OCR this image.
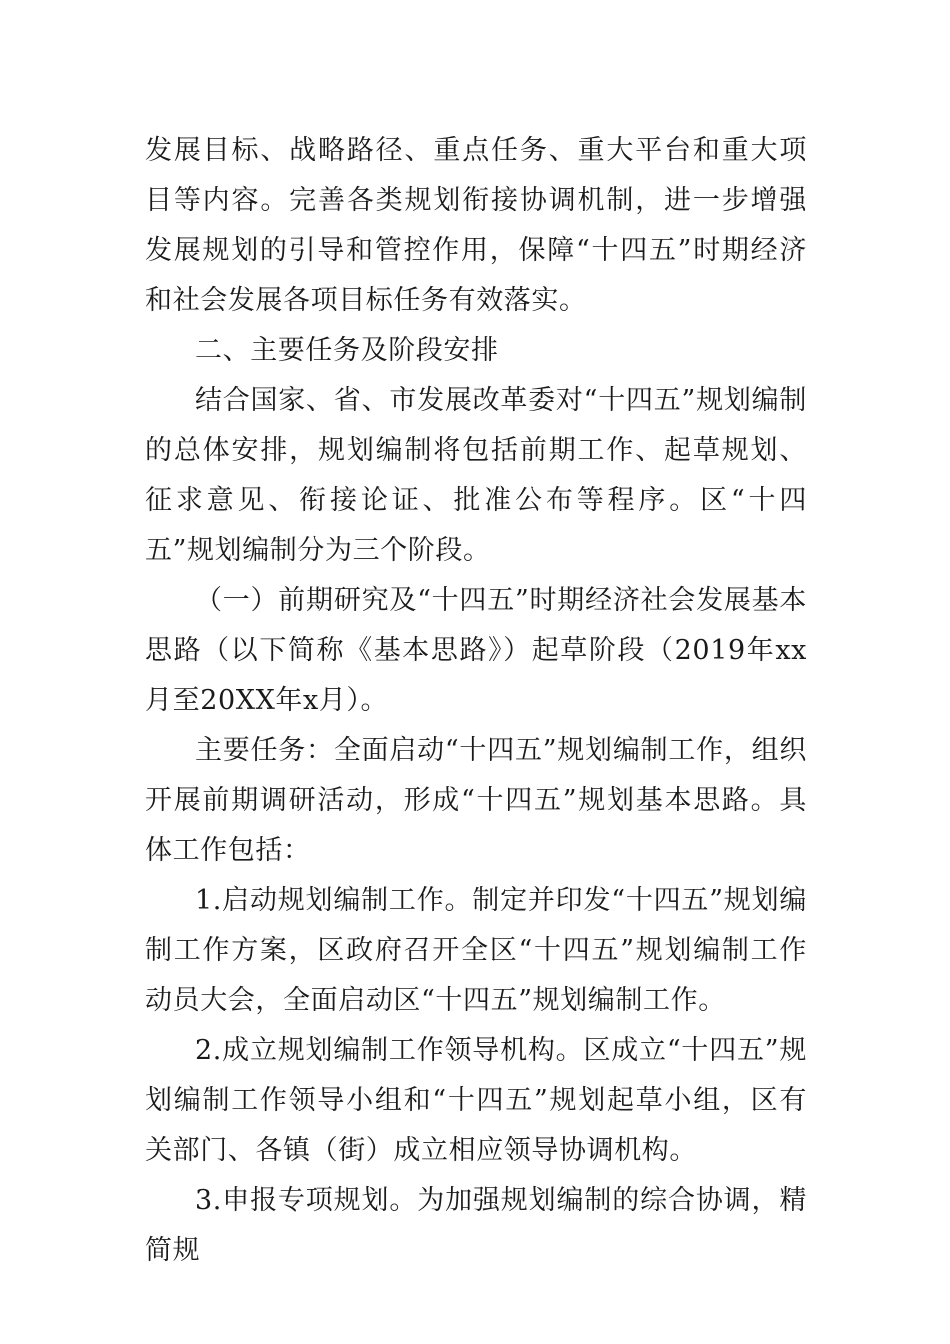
发展目标、战略路径、重点任务、重大平台和重大项目等内容。完善各类规划衔接协调机制，进一步增强发展规划的引导和管控作用，保障“十四五”时期经济和社会发展各项目标任务有效落实。

二、主要任务及阶段安排

结合国家、省、市发展改革委对“十四五”规划编制的总体安排，规划编制将包括前期工作、起草规划、征求意见、衔接论证、批准公布等程序。区“十四五”规划编制分为三个阶段。

（一）前期研究及“十四五”时期经济社会发展基本思路（以下简称《基本思路》）起草阶段（2019年xx月至20XX年x月）。

主要任务：全面启动“十四五”规划编制工作，组织开展前期调研活动，形成“十四五”规划基本思路。具体工作包括：

1.启动规划编制工作。制定并印发“十四五”规划编制工作方案，区政府召开全区“十四五”规划编制工作动员大会，全面启动区“十四五”规划编制工作。

2.成立规划编制工作领导机构。区成立“十四五”规划编制工作领导小组和“十四五”规划起草小组，区有关部门、各镇（街）成立相应领导协调机构。

3.申报专项规划。为加强规划编制的综合协调，精简规
